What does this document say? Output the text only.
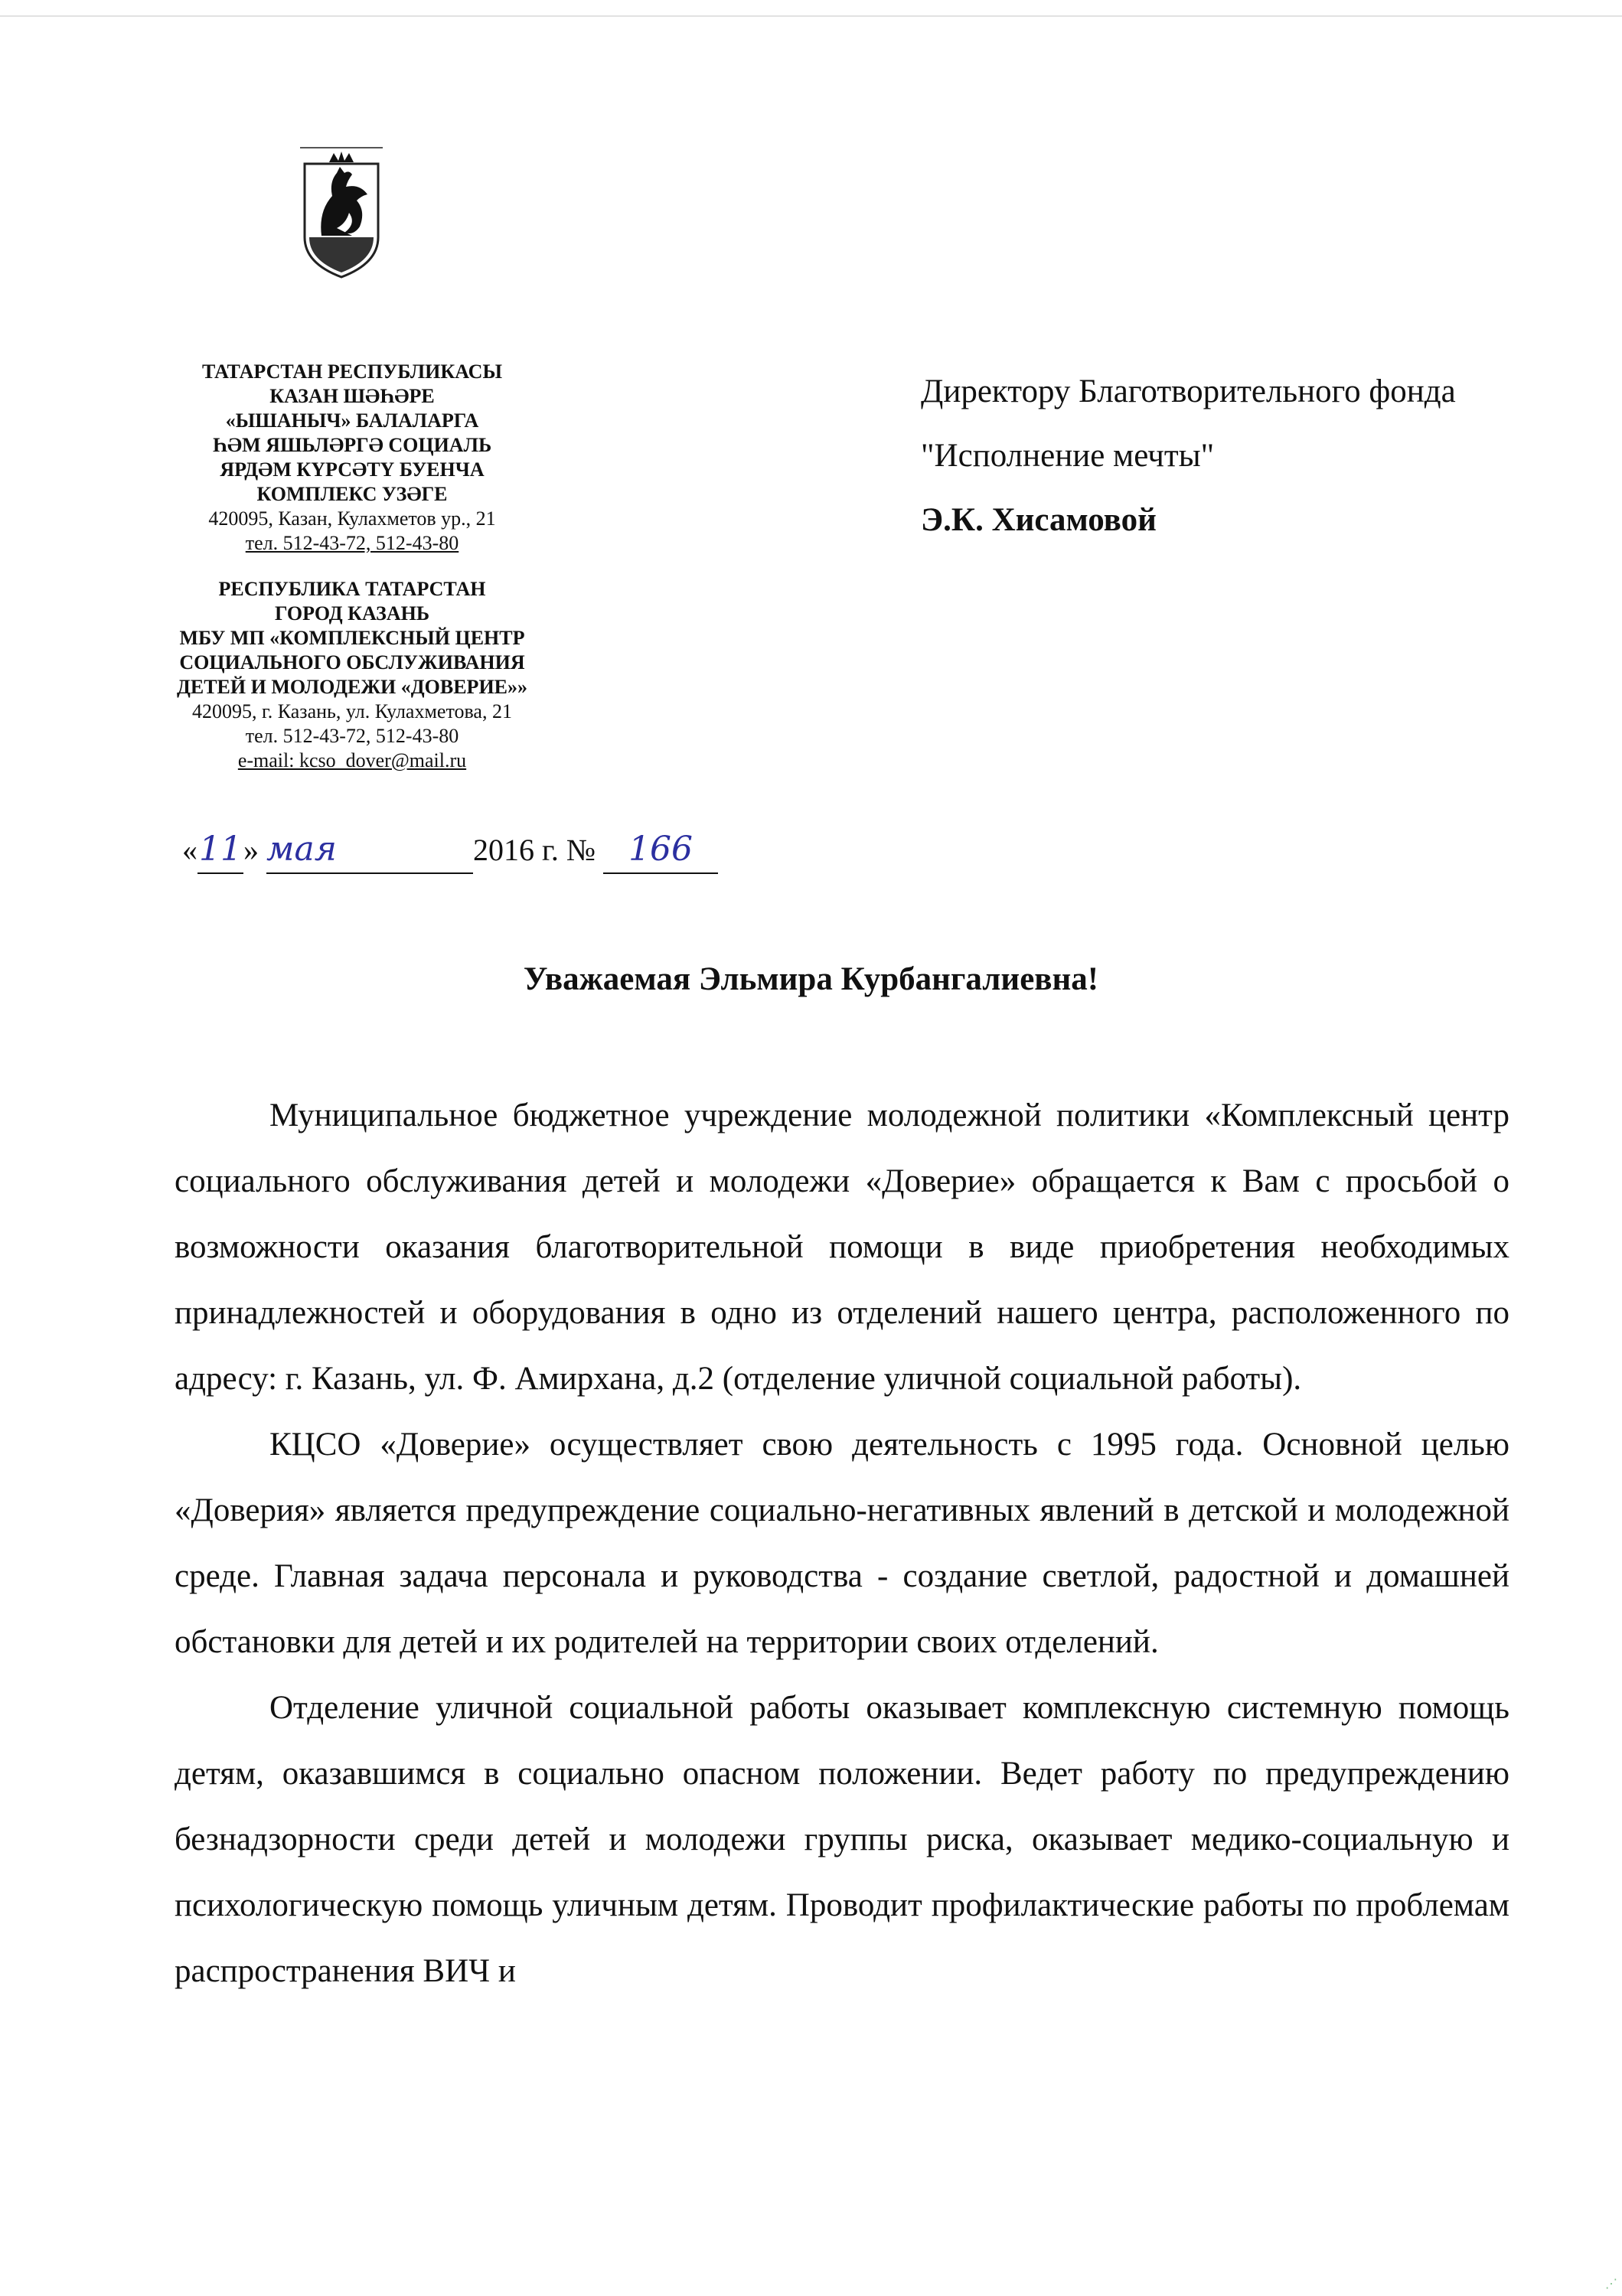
ТАТАРСТАН РЕСПУБЛИКАСЫ
КАЗАН ШӘҺӘРЕ
«ЫШАНЫЧ» БАЛАЛАРГА
ҺӘМ ЯШЬЛӘРГӘ СОЦИАЛЬ
ЯРДӘМ КҮРСӘТҮ БУЕНЧА
КОМПЛЕКС УЗӘГЕ
420095, Казан, Кулахметов ур., 21
тел. 512-43-72, 512-43-80
РЕСПУБЛИКА ТАТАРСТАН
ГОРОД КАЗАНЬ
МБУ МП «КОМПЛЕКСНЫЙ ЦЕНТР
СОЦИАЛЬНОГО ОБСЛУЖИВАНИЯ
ДЕТЕЙ И МОЛОДЕЖИ «ДОВЕРИЕ»»
420095, г. Казань, ул. Кулахметова, 21
тел. 512-43-72, 512-43-80
e-mail: kcso_dover@mail.ru
Директору Благотворительного фонда
"Исполнение мечты"
Э.К. Хисамовой
«11» мая	2016 г. № 166
Уважаемая Эльмира Курбангалиевна!

Муниципальное бюджетное учреждение молодежной политики «Комплексный центр социального обслуживания детей и молодежи «Доверие» обращается к Вам с просьбой о возможности оказания благотворительной помощи в виде приобретения необходимых принадлежностей и оборудования в одно из отделений нашего центра, расположенного по адресу: г. Казань, ул. Ф. Амирхана, д.2 (отделение уличной социальной работы).

КЦСО «Доверие» осуществляет свою деятельность с 1995 года. Основной целью «Доверия» является предупреждение социально-негативных явлений в детской и молодежной среде. Главная задача персонала и руководства - создание светлой, радостной и домашней обстановки для детей и их родителей на территории своих отделений.

Отделение уличной социальной работы оказывает комплексную системную помощь детям, оказавшимся в социально опасном положении. Ведет работу по предупреждению безнадзорности среди детей и молодежи группы риска, оказывает медико-социальную и психологическую помощь уличным детям. Проводит профилактические работы по проблемам распространения ВИЧ и

⋰
